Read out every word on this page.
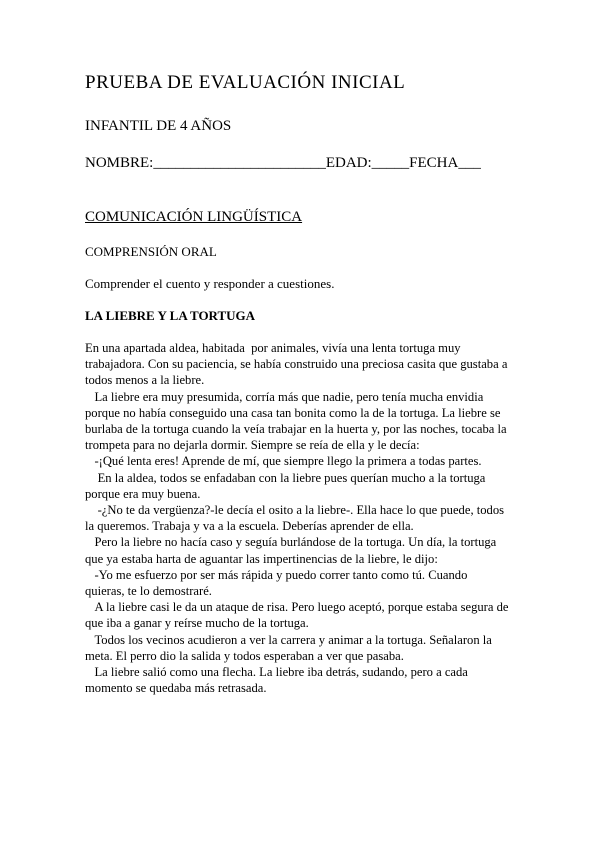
PRUEBA DE EVALUACIÓN INICIAL
INFANTIL DE 4 AÑOS
NOMBRE:_______________________EDAD:_____FECHA___
COMUNICACIÓN LINGÜÍSTICA
COMPRENSIÓN ORAL
Comprender el cuento y responder a cuestiones.
LA LIEBRE Y LA TORTUGA

En una apartada aldea, habitada  por animales, vivía una lenta tortuga muy trabajadora. Con su paciencia, se había construido una preciosa casita que gustaba a todos menos a la liebre.

La liebre era muy presumida, corría más que nadie, pero tenía mucha envidia porque no había conseguido una casa tan bonita como la de la tortuga. La liebre se burlaba de la tortuga cuando la veía trabajar en la huerta y, por las noches, tocaba la trompeta para no dejarla dormir. Siempre se reía de ella y le decía:

-¡Qué lenta eres! Aprende de mí, que siempre llego la primera a todas partes.

En la aldea, todos se enfadaban con la liebre pues querían mucho a la tortuga porque era muy buena.

-¿No te da vergüenza?-le decía el osito a la liebre-. Ella hace lo que puede, todos la queremos. Trabaja y va a la escuela. Deberías aprender de ella.

Pero la liebre no hacía caso y seguía burlándose de la tortuga. Un día, la tortuga que ya estaba harta de aguantar las impertinencias de la liebre, le dijo:

-Yo me esfuerzo por ser más rápida y puedo correr tanto como tú. Cuando quieras, te lo demostraré.

A la liebre casi le da un ataque de risa. Pero luego aceptó, porque estaba segura de que iba a ganar y reírse mucho de la tortuga.

Todos los vecinos acudieron a ver la carrera y animar a la tortuga. Señalaron la meta. El perro dio la salida y todos esperaban a ver que pasaba.

La liebre salió como una flecha. La liebre iba detrás, sudando, pero a cada momento se quedaba más retrasada.
